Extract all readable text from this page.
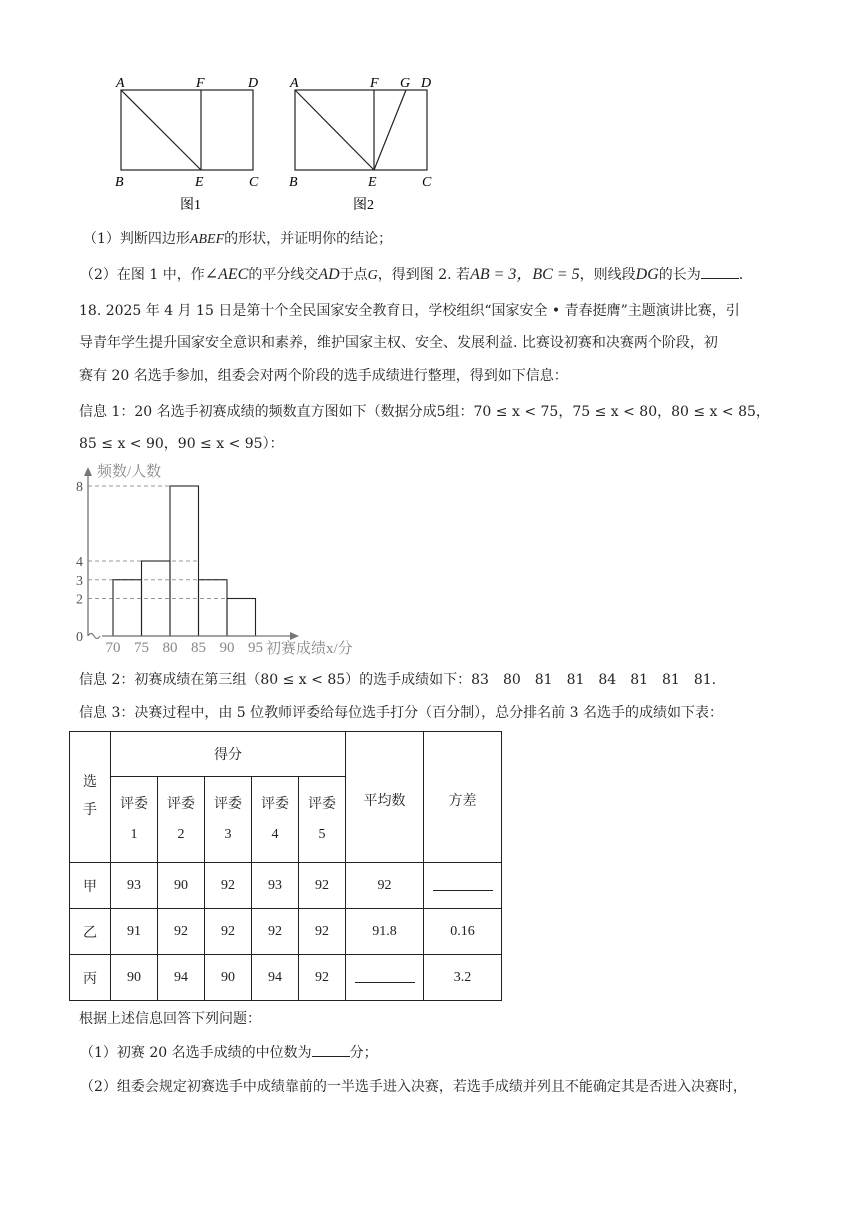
A	F	D
B	E	C
图1
A	F G D
B	E	C
图2
（1）判断四边形ABEF的形状，并证明你的结论；
（2）在图 1 中，作∠AEC的平分线交AD于点G，得到图 2. 若AB = 3，BC = 5，则线段DG的长为	.
18. 2025 年 4 月 15 日是第十个全民国家安全教育日，学校组织“国家安全 • 青春挺膺”主题演讲比赛，引
导青年学生提升国家安全意识和素养，维护国家主权、安全、发展利益. 比赛设初赛和决赛两个阶段，初
赛有 20 名选手参加，组委会对两个阶段的选手成绩进行整理，得到如下信息：
信息 1：20 名选手初赛成绩的频数直方图如下（数据分成5组：70 ≤ x < 75，75 ≤ x < 80，80 ≤ x < 85，
85 ≤ x < 90，90 ≤ x < 95）：
频数/人数
初赛成绩x/分
70 75 80 85 90 95
0
2
3
4
8
信息 2：初赛成绩在第三组（80 ≤ x < 85）的选手成绩如下：83　80　81　81　84　81　81　81.
信息 3：决赛过程中，由 5 位教师评委给每位选手打分（百分制），总分排名前 3 名选手的成绩如下表：
选手	得分					平均数	方差
	评委1	评委2	评委3	评委4	评委5		
甲	93	90	92	93	92	92	
乙	91	92	92	92	92	91.8	0.16
丙	90	94	90	94	92		3.2
根据上述信息回答下列问题：
（1）初赛 20 名选手成绩的中位数为	分；
（2）组委会规定初赛选手中成绩靠前的一半选手进入决赛，若选手成绩并列且不能确定其是否进入决赛时，
